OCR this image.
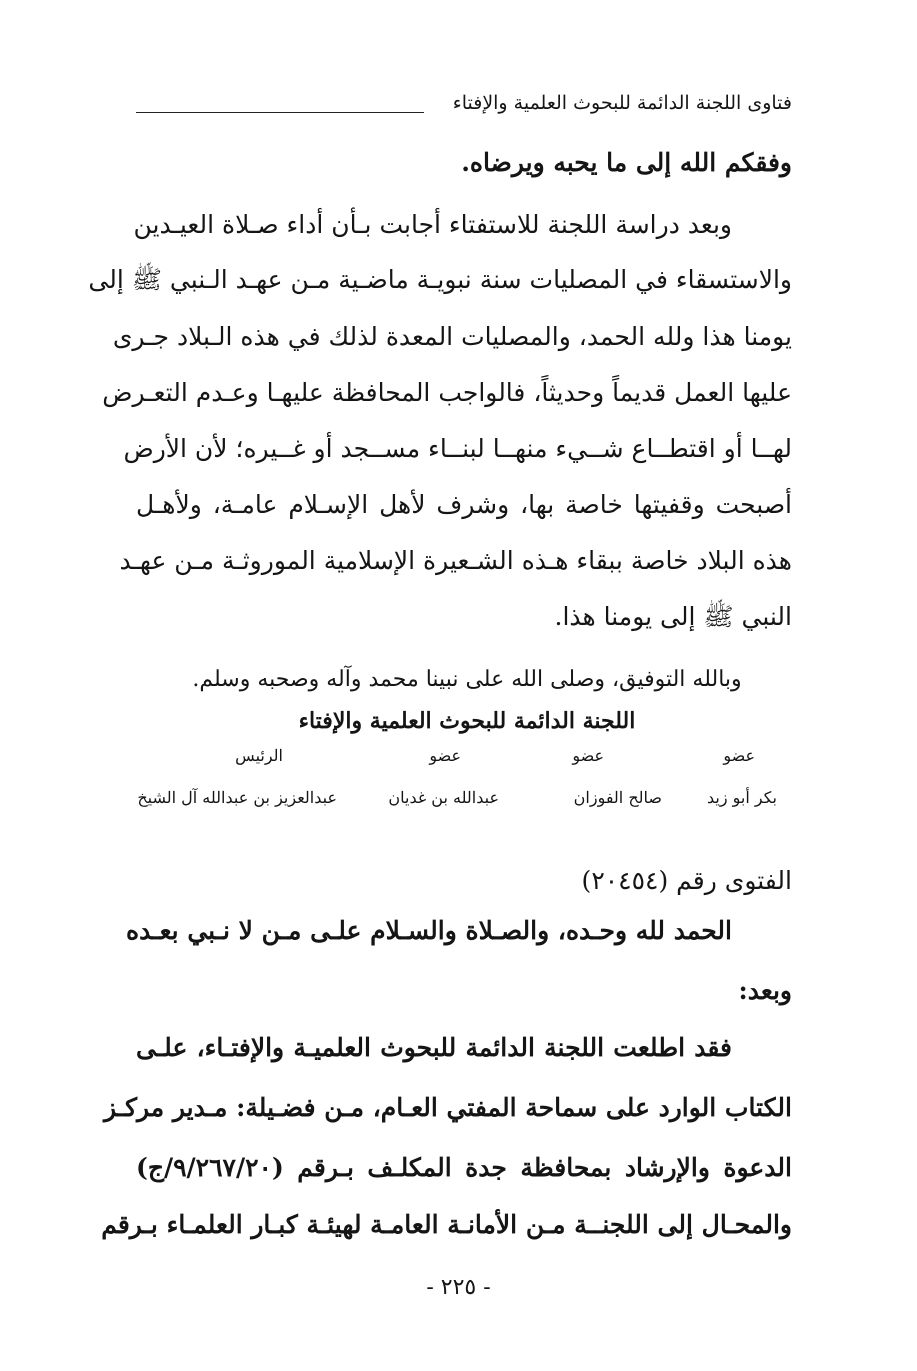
فتاوى اللجنة الدائمة للبحوث العلمية والإفتاء
وفقكم الله إلى ما يحبه ويرضاه.
وبعد دراسة اللجنة للاستفتاء أجابت بـأن أداء صـلاة العيـدين
والاستسقاء في المصليات سنة نبويـة ماضـية مـن عهـد الـنبي ﷺ إلى
يومنا هذا ولله الحمد، والمصليات المعدة لذلك في هذه الـبلاد جـرى
عليها العمل قديماً وحديثاً، فالواجب المحافظة عليهـا وعـدم التعـرض
لهــا أو اقتطــاع شــيء منهــا لبنــاء مســجد أو غــيره؛ لأن الأرض
أصبحت وقفيتها خاصة بها، وشرف لأهل الإسـلام عامـة، ولأهـل
هذه البلاد خاصة ببقاء هـذه الشـعيرة الإسلامية الموروثـة مـن عهـد
النبي ﷺ إلى يومنا هذا.
وبالله التوفيق، وصلى الله على نبينا محمد وآله وصحبه وسلم.
اللجنة الدائمة للبحوث العلمية والإفتاء
عضو
عضو
عضو
الرئيس
بكر أبو زيد
صالح الفوزان
عبدالله بن غديان
عبدالعزيز بن عبدالله آل الشيخ
الفتوى رقم (٢٠٤٥٤)
الحمد لله وحـده، والصـلاة والسـلام علـى مـن لا نـبي بعـده
وبعد:
فقد اطلعت اللجنة الدائمة للبحوث العلميـة والإفتـاء، علـى
الكتاب الوارد على سماحة المفتي العـام، مـن فضـيلة: مـدير مركـز
الدعوة والإرشاد بمحافظة جدة المكلـف بـرقم (٩/٢٦٧/٢٠/ج)
والمحـال إلى اللجنــة مـن الأمانـة العامـة لهيئـة كبـار العلمـاء بـرقم
- ٢٢٥ -
